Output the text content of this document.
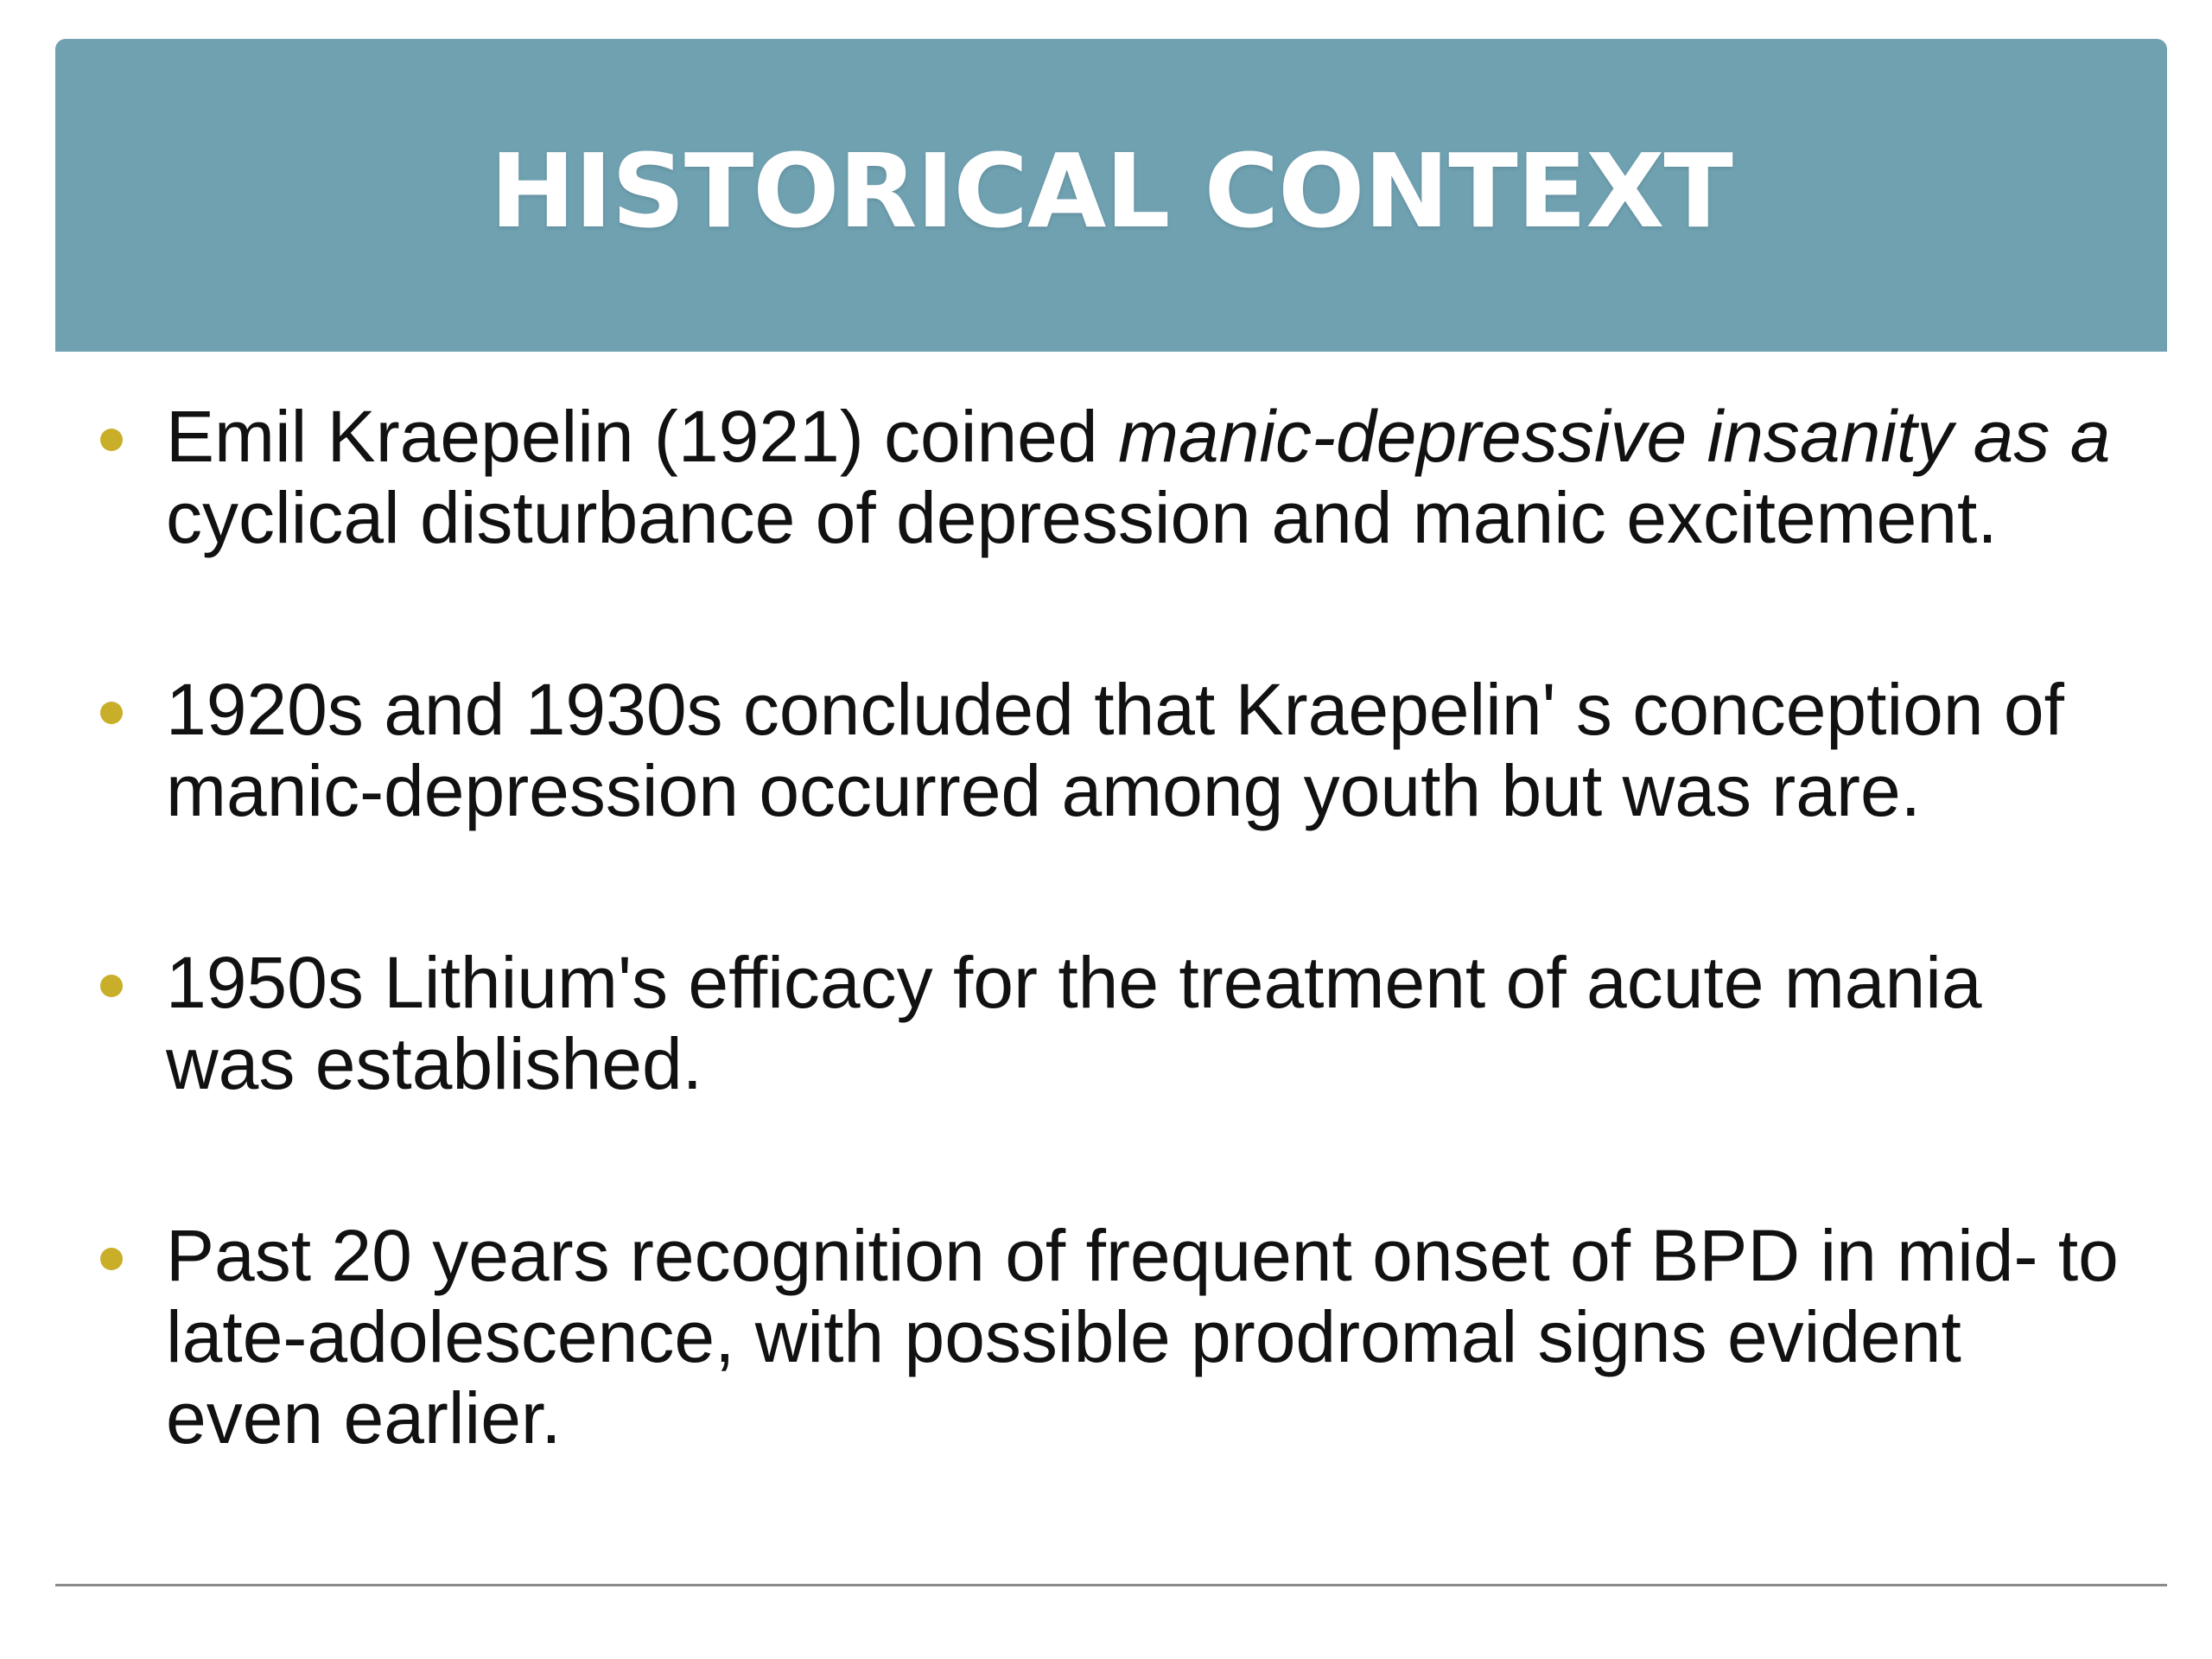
HISTORICAL CONTEXT
Emil Kraepelin (1921) coined manic-depressive insanity as a cyclical disturbance of depression and manic excitement.
1920s and 1930s concluded that Kraepelin' s conception of manic-depression occurred among youth but was rare.
1950s Lithium's efficacy for the treatment of acute mania was established.
Past 20 years recognition of frequent onset of BPD in mid- to late-adolescence, with possible prodromal signs evident even earlier.
